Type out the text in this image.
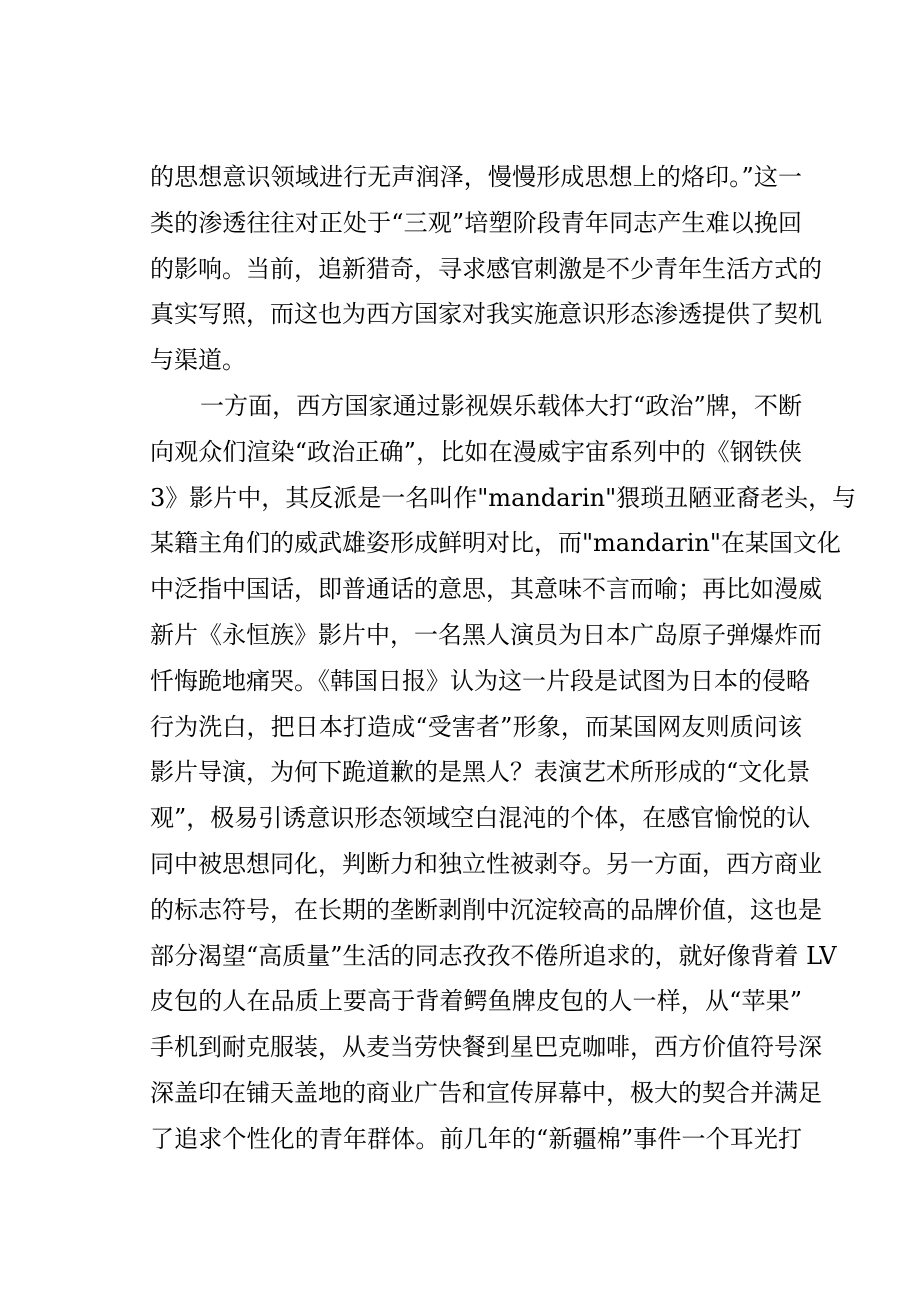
的思想意识领域进行无声润泽，慢慢形成思想上的烙印。”这一
类的渗透往往对正处于“三观”培塑阶段青年同志产生难以挽回
的影响。当前，追新猎奇，寻求感官刺激是不少青年生活方式的
真实写照，而这也为西方国家对我实施意识形态渗透提供了契机
与渠道。
一方面，西方国家通过影视娱乐载体大打“政治”牌，不断
向观众们渲染“政治正确”，比如在漫威宇宙系列中的《钢铁侠
3》影片中，其反派是一名叫作"mandarin"猥琐丑陋亚裔老头，与
某籍主角们的威武雄姿形成鲜明对比，而"mandarin"在某国文化
中泛指中国话，即普通话的意思，其意味不言而喻；再比如漫威
新片《永恒族》影片中，一名黑人演员为日本广岛原子弹爆炸而
忏悔跪地痛哭。《韩国日报》认为这一片段是试图为日本的侵略
行为洗白，把日本打造成“受害者”形象，而某国网友则质问该
影片导演，为何下跪道歉的是黑人？表演艺术所形成的“文化景
观”，极易引诱意识形态领域空白混沌的个体，在感官愉悦的认
同中被思想同化，判断力和独立性被剥夺。另一方面，西方商业
的标志符号，在长期的垄断剥削中沉淀较高的品牌价值，这也是
部分渴望“高质量”生活的同志孜孜不倦所追求的，就好像背着 LV
皮包的人在品质上要高于背着鳄鱼牌皮包的人一样，从“苹果”
手机到耐克服装，从麦当劳快餐到星巴克咖啡，西方价值符号深
深盖印在铺天盖地的商业广告和宣传屏幕中，极大的契合并满足
了追求个性化的青年群体。前几年的“新疆棉”事件一个耳光打
